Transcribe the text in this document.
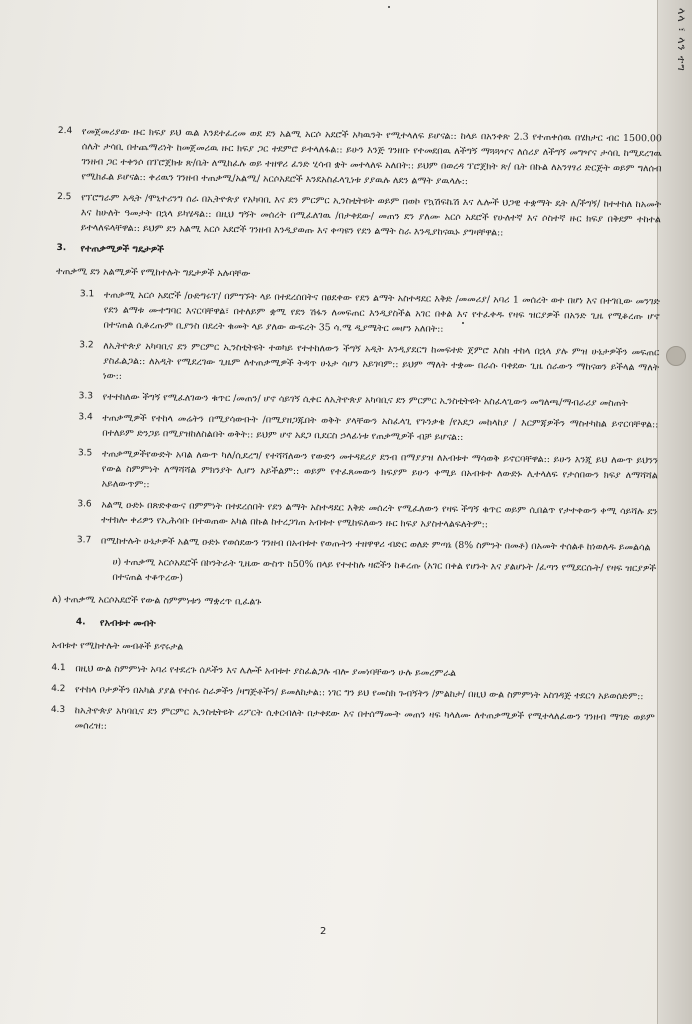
ላላ ፣ ላን ተግ
2.4	የመጀመሪያው ዙር ክፍያ ይህ ዉል እንደተፈረመ ወደ ደን አልሚ አርሶ አደሮች አካዉንት የሚተላለፍ ይሆናል:: ከላይ በአንቀጽ 2.3 የተጠቀሰዉ በሄክታር ብር 1500.00 ሰሌት ታሳቢ በተጨማሪነት ከመጀመሪዉ ዙር ክፍያ ጋር ተደምሮ ይተላለፋል:: ይሁን እንጅ ገንዘቡ የተመደበዉ ለችግኝ ማጓጓዣና ለሰሪያ ለችግኝ መግዣና ታሳቢ ከሚደረገዉ ገንዘብ ጋር ተቀንሶ በፕሮጀክቱ ጽ/ቤት ለሚከፈሉ ወይ ተዘዋሪ ፈንድ ሂሳብ ቋት መተላለፍ አለበት:: ይህም በወረዳ ፕሮጀክት ጽ/ ቤት በኩል ለአንፃፃሪ ድርጅት ወይም ግለሰብ የሚከፈል ይሆናል:: ቀሪዉን ገንዘብ ተጠቃሚ/አልሚ/ አርሶአደሮች እንደአስፈላጊነቱ ያያዉሉ ለደን ልማት ያዉላሉ::
2.5	የፕሮግራም አዲት /ሞኒተሪንግ ሰራ በኢትዮጵያ የአካባቢ እና ደን ምርምር ኢንስቲትዩት ወይም በወኮ የኳሽፍኬሽ እና ሌሎች ህጋዊ ተቋማት ዴት ለ/ችግኝ/ ከተተከለ ከአመት እና ከሁለት ዓመታት በኋላ ይካሄዳል:: በዚህ ግኝት መሰረት በሚፈለገዉ /በታቀደው/ መጠን ደን ያለሙ አርሶ አደሮች የሁለተኛ እና ሶስተኛ ዙር ክፍያ በቅደም ተከተል ይተላለፍላቸዋል:: ይህም ደን አልሚ አርሶ አደሮች ገንዘብ እንዲያወጡ እና ቀጣዩን የደን ልማት ስራ እንዲያከናዉኑ ያግዛቸዋል::
3.	የተጠቃሚዎች ግዴታዎች
ተጠቃሚ ደን አልሚዎች የሚከተሉት ግዴታዎች አሉባቸው
3.1	ተጠቃሚ አርሶ አደሮች /ዑድግሩፕ/ በምግኙት ላይ በተደረሰበትና በፀደቀው የደን ልማት አስተዳደር እቅድ /መመሪያ/ አባሪ 1 መሰረት ወተ በሆነ እና በተገቢው መንገድ የደን ልማቱ ሙተግባር እናርባቸዋል፣ በተለይም ቋሚ የደን ሽፋን ለመፍጠር እንዲያስችል አገር በቀል እና የተፈቀዱ የዛፍ ዝርያዎች በአንድ ጊዜ የሚቆረጡ ሆኖ በተናጠል ሲቆረጡም ቢያንስ በደረት ቁመት ላይ ያለው ውፍረት 35 ሳ.ሜ ዲያሜትር መሆን አለበት::
3.2	ለኢትዮጵያ አካባቢና ደን ምርምር ኢንስቲትዩት ተወካይ የተተከለውን ችግኝ አዲት እንዲያደርግ ከመፍተድ ጀምሮ እስከ ተከላ በኋላ ያሉ ምዝ ሁኔታዎችን መፍጠር ያስፈልጋል:: ለአዲት የሚደረገው ጊዜም ለተጠቃሚዎች ትዳጥ ሁኔታ ሳሆን አይገባም:: ይህም ማለት ተቋሙ በራሱ ባቀደው ጊዜ ሰራውን ማከናወን ይችላል ማለት ነው::
3.3	የተተከለው ችግኝ የሚፈለገውን ቁጥር /መጠን/ ሆኖ ሳይገኝ ሲቀር ለኢትዮጵያ አካባቢና ደን ምርምር ኢንስቲትዩት አስፈላጊውን መግለጫ/ማብራሪያ መስጠት
3.4	ተጠቃሚዎች የተከላ መሬትን በሚያሳውቡት /በሚያዘጋጁበት ወቅት ያላቸውን አስፈላጊ የጉንቃቄ /የአደጋ መከላከያ / እርምጃዎችን ማስተካከል ይኖርባቸዋል:: በተለይም ድንጋይ በሚያዝከለስልበት ወቅት:: ይህም ሆኖ አደጋ ቢደርስ ኃላፊነቱ የጠቃሚዎች ብቻ ይሆናል::
3.5	ተጠቃሚዎችየውድት አባል ለውጥ ካለ/ሲደረግ/ የተሻሻለውን የውድን መተዳደሪያ ደንብ በማያያዝ ለአብቱተ ማሳወቅ ይኖርባቸዋል:: ይሁን እንጂ ይህ ለውጥ ይህንን የውል ስምምነት ለማሻሻል ምክንያት ሊሆን አይችልም:: ወይም የተፈጸመውን ክፍያም ይሁን ቀሚይ በአብቱተ ለውድኑ ሊተላለፍ የታሰበውን ክፍያ ለማሻሻል አይለውጥም::
3.6	አልሚ ዑድኑ በጽድቀውና በምምነት በተደረሰበት የደን ልማት አስተዳደር እቅድ መሰረት የሚፈለውን የዛፍ ችግኝ ቁጥር ወይም ሲበልጥ የታተቀውን ቀሚ ሳይሻሉ ደን ተተክሎ ቀሪዎን የኢሕሳቡ በተወጠው አካል በኩል ከተረጋገጠ አብቱተ የሚከፍለውን ዙር ክፍያ አያስተላልፍለትም::
3.7	በሚከተሉት ሁኔታዎች አልሚ ዑድኑ የወሰደውን ገንዘብ በአብቱተ የወጡትን ተዘዋዋሪ ብድር ወለድ ምጣኔ (8% ስምንት በመቶ) በአመት ተሰልቶ ከነወለዱ ይመልሳል
ሀ) ተጠቃሚ አርሶአደሮች በኮንትራት ጊዜው ውስጥ ከ50% በላይ የተተከሉ ዛፎችን ከቆረጡ (አገር በቀል የሆኑት እና ያልሆኑት /ፈጣን የሚደርሱት/ የዛፍ ዝርያዎች በተናጠል ተቆጥረው)
ለ) ተጠቃሚ አርሶአደሮች የውል ስምምነቱን ማቋረጥ ቢፈልጉ
4.	የአብቱተ መብት
አብቱተ የሚከተሉት መብቶች ይኖሩታል
4.1	በዚህ ውል ስምምነት አባሪ የተደረጉ ሰዶችን እና ሌሎች አብቱተ ያስፈልጋሉ ብሎ ያመነባቸውን ሁሉ ይመረምራል
4.2	የተከላ ቦታዎችን በአካል ያያል የተሰሩ ስራዎችን /ዛግጅቶችን/ ይመለከታል:: ነገር ግን ይህ የመስክ ጉብኝትን /ምልከታ/ በዚህ ውል ስምምነት አስገዳጅ ተደርጎ አይወሰድም::
4.3	ከኢትዮጵያ አካባቢና ደን ምርምር ኢንስቲትዩት ሪፖርት ሲቀርብለት በታቀደው እና በተሰማሙት መጠን ዛፍ ካላለሙ ለተጠቃሚዎች የሚተላለፈውን ገንዘብ ማገድ ወይም መሰረዝ::
2
